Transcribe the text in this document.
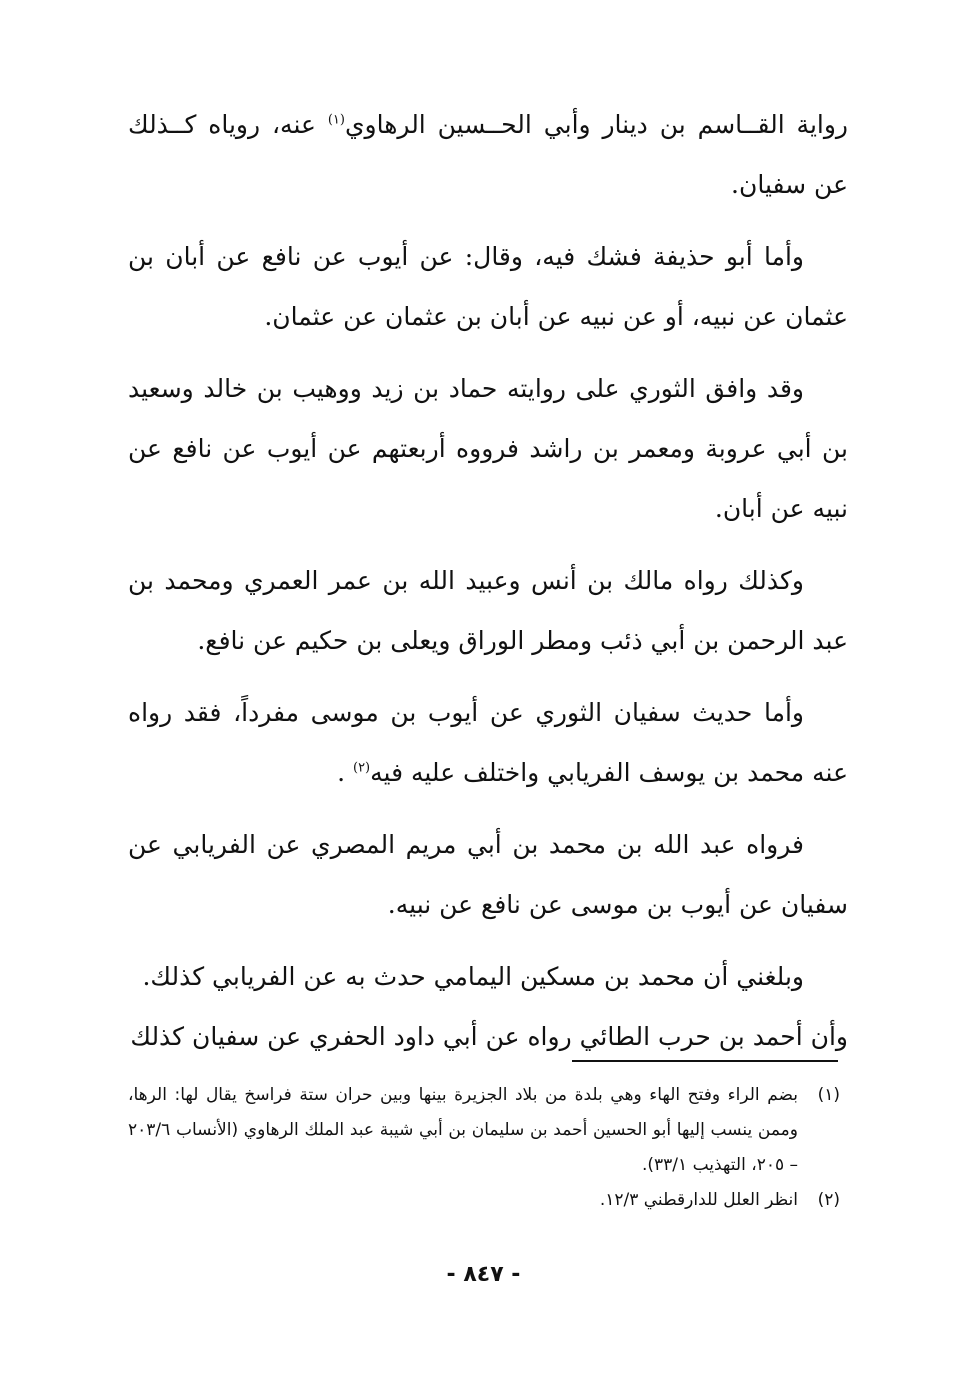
رواية القــاسم بن دينار وأبي الحــسين الرهاوي$^{(١)}$ عنه، روياه كــذلك عن سفيان.

وأما أبو حذيفة فشك فيه، وقال: عن أيوب عن نافع عن أبان بن عثمان عن نبيه، أو عن نبيه عن أبان بن عثمان عن عثمان.

وقد وافق الثوري على روايته حماد بن زيد ووهيب بن خالد وسعيد بن أبي عروبة ومعمر بن راشد فرووه أربعتهم عن أيوب عن نافع عن نبيه عن أبان.

وكذلك رواه مالك بن أنس وعبيد الله بن عمر العمري ومحمد بن عبد الرحمن بن أبي ذئب ومطر الوراق ويعلى بن حكيم عن نافع.

وأما حديث سفيان الثوري عن أيوب بن موسى مفرداً، فقد رواه عنه محمد بن يوسف الفريابي واختلف عليه فيه$^{(٢)}$ .

فرواه عبد الله بن محمد بن أبي مريم المصري عن الفريابي عن سفيان عن أيوب بن موسى عن نافع عن نبيه.

وبلغني أن محمد بن مسكين اليمامي حدث به عن الفريابي كذلك.

وأن أحمد بن حرب الطائي رواه عن أبي داود الحفري عن سفيان كذلك

(١)
بضم الراء وفتح الهاء وهي بلدة من بلاد الجزيرة بينها وبين حران ستة فراسخ يقال لها: الرها، وممن ينسب إليها أبو الحسين أحمد بن سليمان بن أبي شيبة عبد الملك الرهاوي (الأنساب ٢٠٣/٦ – ٢٠٥، التهذيب ٣٣/١).

(٢)
انظر العلل للدارقطني ١٢/٣.

- ٨٤٧ -
